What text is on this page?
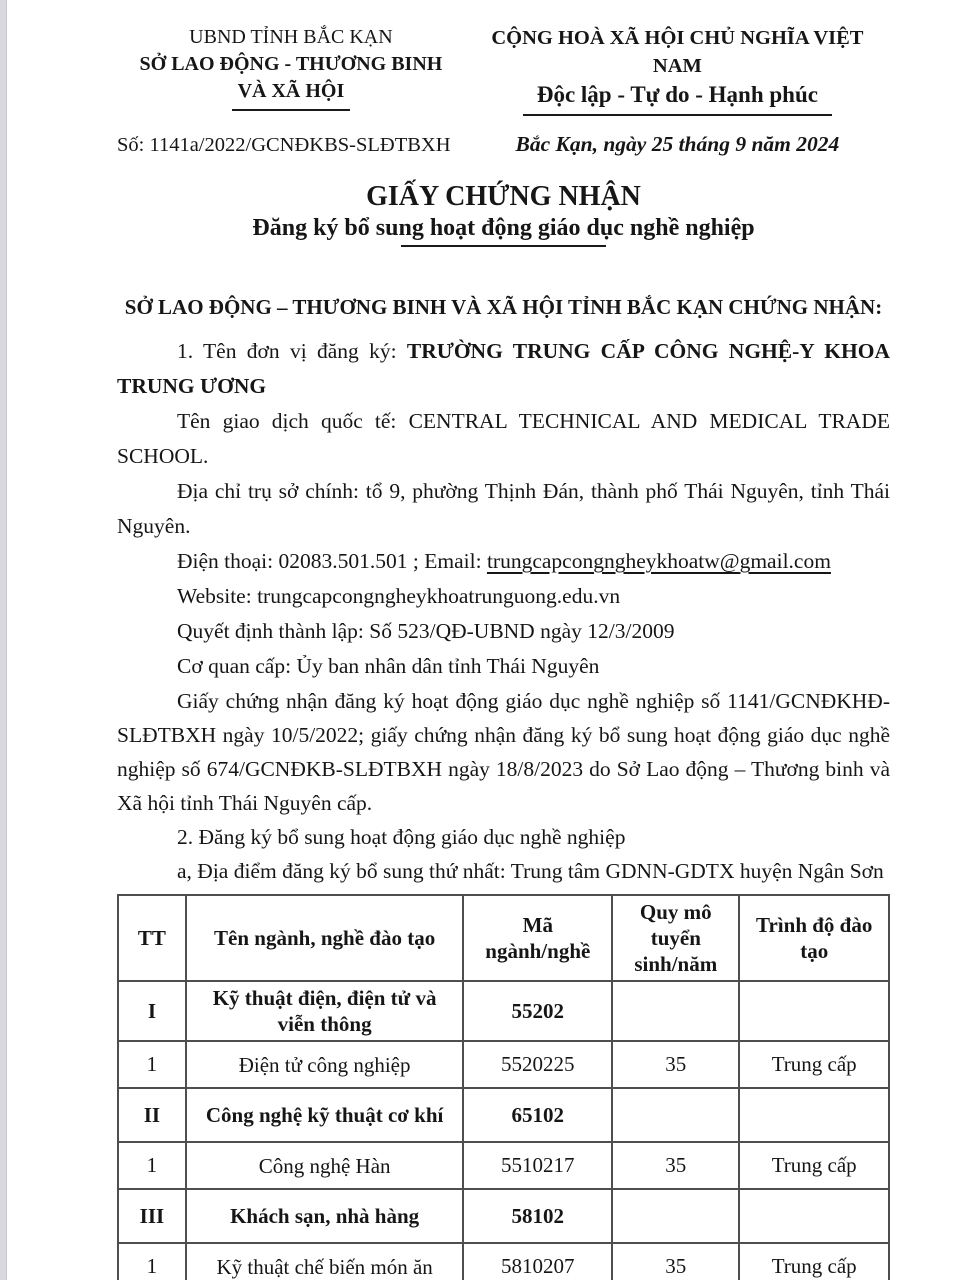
UBND TỈNH BẮC KẠN
SỞ LAO ĐỘNG - THƯƠNG BINH
VÀ XÃ HỘI
CỘNG HOÀ XÃ HỘI CHỦ NGHĨA VIỆT NAM
Độc lập - Tự do - Hạnh phúc
Số: 1141a/2022/GCNĐKBS-SLĐTBXH	Bắc Kạn, ngày 25 tháng 9 năm 2024
GIẤY CHỨNG NHẬN
Đăng ký bổ sung hoạt động giáo dục nghề nghiệp
SỞ LAO ĐỘNG – THƯƠNG BINH VÀ XÃ HỘI TỈNH BẮC KẠN CHỨNG NHẬN:

1. Tên đơn vị đăng ký: TRƯỜNG TRUNG CẤP CÔNG NGHỆ-Y KHOA TRUNG ƯƠNG

Tên giao dịch quốc tế: CENTRAL TECHNICAL AND MEDICAL TRADE SCHOOL.

Địa chỉ trụ sở chính: tổ 9, phường Thịnh Đán, thành phố Thái Nguyên, tỉnh Thái Nguyên.

Điện thoại: 02083.501.501 ; Email: trungcapcongngheykhoatw@gmail.com

Website: trungcapcongngheykhoatrunguong.edu.vn

Quyết định thành lập: Số 523/QĐ-UBND ngày 12/3/2009

Cơ quan cấp: Ủy ban nhân dân tỉnh Thái Nguyên

Giấy chứng nhận đăng ký hoạt động giáo dục nghề nghiệp số 1141/GCNĐKHĐ-SLĐTBXH ngày 10/5/2022; giấy chứng nhận đăng ký bổ sung hoạt động giáo dục nghề nghiệp số 674/GCNĐKB-SLĐTBXH ngày 18/8/2023 do Sở Lao động – Thương binh và Xã hội tỉnh Thái Nguyên cấp.

2. Đăng ký bổ sung hoạt động giáo dục nghề nghiệp

a, Địa điểm đăng ký bổ sung thứ nhất: Trung tâm GDNN-GDTX huyện Ngân Sơn

TT	Tên ngành, nghề đào tạo	Mã ngành/nghề	Quy mô tuyển sinh/năm	Trình độ đào tạo
I	Kỹ thuật điện, điện tử và viễn thông	55202		
1	Điện tử công nghiệp	5520225	35	Trung cấp
II	Công nghệ kỹ thuật cơ khí	65102		
1	Công nghệ Hàn	5510217	35	Trung cấp
III	Khách sạn, nhà hàng	58102		
1	Kỹ thuật chế biến món ăn	5810207	35	Trung cấp
